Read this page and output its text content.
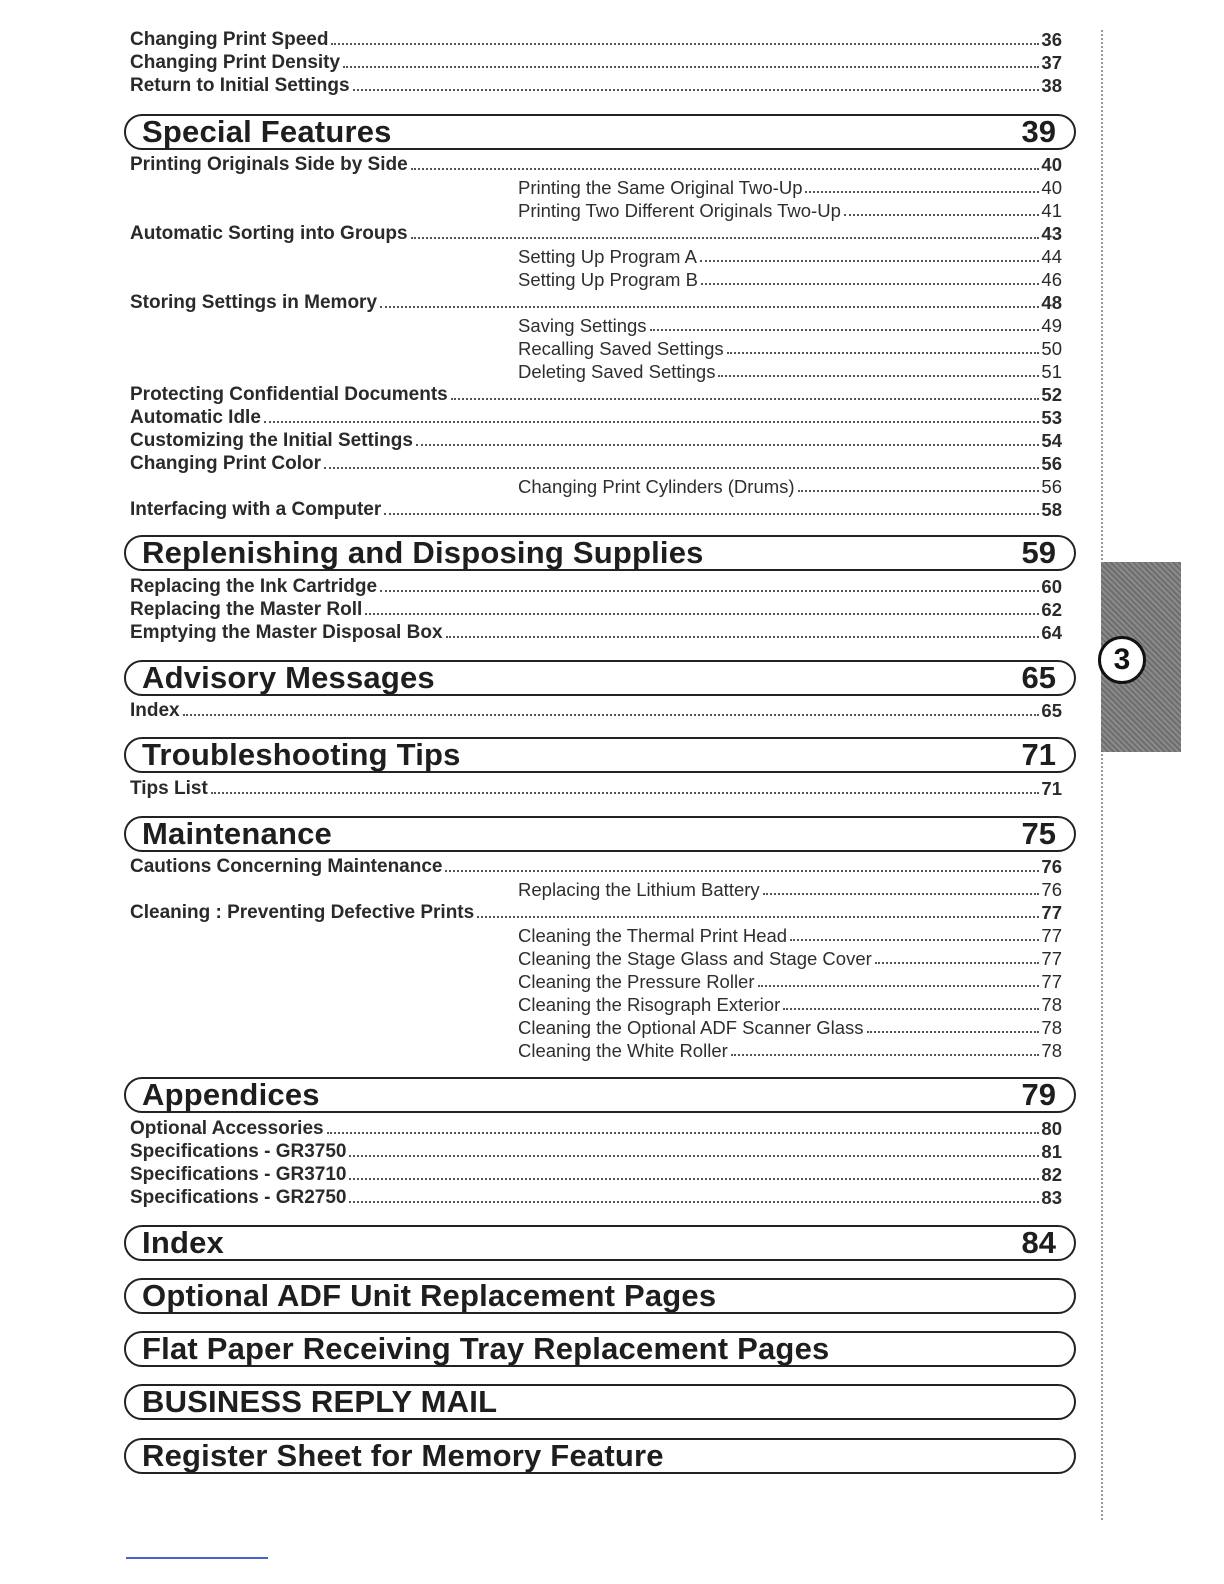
Changing Print Speed	36
Changing Print Density	37
Return to Initial Settings	38
Special Features	39
Printing Originals Side by Side	40
Printing the Same Original Two-Up	40
Printing Two Different Originals Two-Up	41
Automatic Sorting into Groups	43
Setting Up Program A	44
Setting Up Program B	46
Storing Settings in Memory	48
Saving Settings	49
Recalling Saved Settings	50
Deleting Saved Settings	51
Protecting Confidential Documents	52
Automatic Idle	53
Customizing the Initial Settings	54
Changing Print Color	56
Changing Print Cylinders (Drums)	56
Interfacing with a Computer	58
Replenishing and Disposing Supplies	59
Replacing the Ink Cartridge	60
Replacing the Master Roll	62
Emptying the Master Disposal Box	64
Advisory Messages	65
Index	65
Troubleshooting Tips	71
Tips List	71
Maintenance	75
Cautions Concerning Maintenance	76
Replacing the Lithium Battery	76
Cleaning : Preventing Defective Prints	77
Cleaning the Thermal Print Head	77
Cleaning the Stage Glass and Stage Cover	77
Cleaning the Pressure Roller	77
Cleaning the Risograph Exterior	78
Cleaning the Optional ADF Scanner Glass	78
Cleaning the White Roller	78
Appendices	79
Optional Accessories	80
Specifications - GR3750	81
Specifications - GR3710	82
Specifications - GR2750	83
Index	84
Optional ADF Unit Replacement Pages
Flat Paper Receiving Tray Replacement Pages
BUSINESS REPLY MAIL
Register Sheet for Memory Feature
3
